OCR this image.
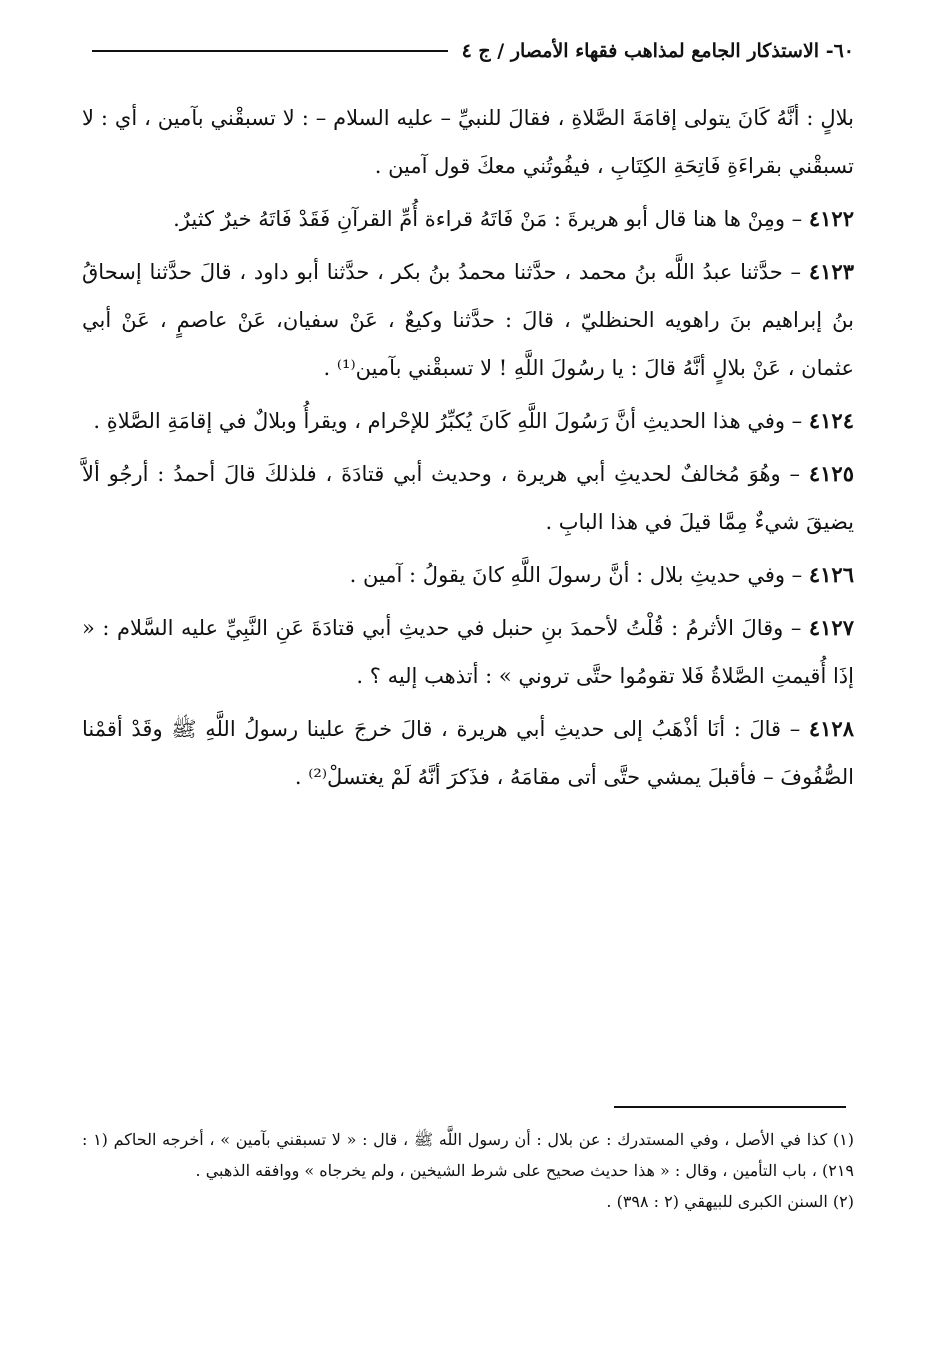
٦٠- الاستذكار الجامع لمذاهب فقهاء الأمصار / ج ٤

بلالٍ : أنَّهُ كَانَ يتولى إقامَةَ الصَّلاةِ ، فقالَ للنبيِّ – عليه السلام – : لا تسبقْني بآمين ، أي : لا تسبقْني بقراءَةِ فَاتِحَةِ الكِتَابِ ، فيفُوتُني معكَ قول آمين .

٤١٢٢ – ومِنْ ها هنا قال أبو هريرةَ : مَنْ فَاتَهُ قراءة أُمِّ القرآنِ فَقَدْ فَاتَهُ خيرٌ كثيرٌ.

٤١٢٣ – حدَّثنا عبدُ اللَّه بنُ محمد ، حدَّثنا محمدُ بنُ بكر ، حدَّثنا أبو داود ، قالَ حدَّثنا إسحاقُ بنُ إبراهيم بنَ راهويه الحنظليّ ، قالَ : حدَّثنا وكيعٌ ، عَنْ سفيان، عَنْ عاصمٍ ، عَنْ أبي عثمان ، عَنْ بلالٍ أنَّهُ قالَ : يا رسُولَ اللَّهِ ! لا تسبقْني بآمين⁽¹⁾ .

٤١٢٤ – وفي هذا الحديثِ أنَّ رَسُولَ اللَّهِ كَانَ يُكبِّرُ للإحْرام ، ويقرأُ وبلالٌ في إقامَةِ الصَّلاةِ .

٤١٢٥ – وهُوَ مُخالفٌ لحديثِ أبي هريرة ، وحديث أبي قتادَةَ ، فلذلكَ قالَ أحمدُ : أرجُو ألاَّ يضيقَ شيءٌ مِمَّا قيلَ في هذا البابِ .

٤١٢٦ – وفي حديثِ بلال : أنَّ رسولَ اللَّهِ كانَ يقولُ : آمين .

٤١٢٧ – وقالَ الأثرمُ : قُلْتُ لأحمدَ بنِ حنبل في حديثِ أبي قتادَةَ عَنِ النَّبِيِّ عليه السَّلام : « إذَا أُقيمتِ الصَّلاةُ فَلا تقومُوا حتَّى تروني » : أتذهب إليه ؟ .

٤١٢٨ – قالَ : أنَا أذْهَبُ إلى حديثِ أبي هريرة ، قالَ خرجَ علينا رسولُ اللَّهِ ﷺ وقَدْ أقمْنا الصُّفُوفَ – فأقبلَ يمشي حتَّى أتى مقامَهُ ، فذَكرَ أنَّهُ لَمْ يغتسلْ⁽²⁾ .

(١) كذا في الأصل ، وفي المستدرك : عن بلال : أن رسول اللَّه ﷺ ، قال : « لا تسبقني بآمين » ، أخرجه الحاكم (١ : ٢١٩) ، باب التأمين ، وقال : « هذا حديث صحيح على شرط الشيخين ، ولم يخرجاه » ووافقه الذهبي .

(٢) السنن الكبرى للبيهقي (٢ : ٣٩٨) .
